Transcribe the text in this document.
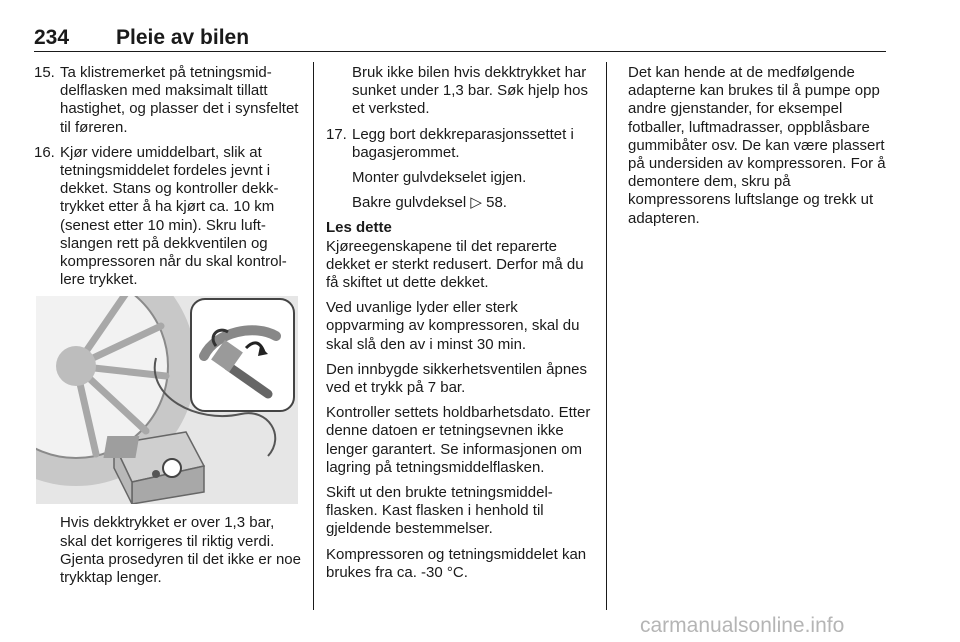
234 Pleie av bilen
15. Ta klistremerket på tetningsmiddelflasken med maksimalt tillatt hastighet, og plasser det i synsfeltet til føreren.
16. Kjør videre umiddelbart, slik at tetningsmiddelet fordeles jevnt i dekket. Stans og kontroller dekktrykket etter å ha kjørt ca. 10 km (senest etter 10 min). Skru luftslangen rett på dekkventilen og kompressoren når du skal kontrollere trykket.
Hvis dekktrykket er over 1,3 bar, skal det korrigeres til riktig verdi. Gjenta prosedyren til det ikke er noe trykktap lenger.
Bruk ikke bilen hvis dekktrykket har sunket under 1,3 bar. Søk hjelp hos et verksted.
17. Legg bort dekkreparasjonssettet i bagasjerommet.
Monter gulvdekselet igjen.
Bakre gulvdeksel ▷ 58.
Les dette
Kjøreegenskapene til det reparerte dekket er sterkt redusert. Derfor må du få skiftet ut dette dekket.
Ved uvanlige lyder eller sterk oppvarming av kompressoren, skal du skal slå den av i minst 30 min.
Den innbygde sikkerhetsventilen åpnes ved et trykk på 7 bar.
Kontroller settets holdbarhetsdato. Etter denne datoen er tetningsevnen ikke lenger garantert. Se informasjonen om lagring på tetningsmiddelflasken.
Skift ut den brukte tetningsmiddelflasken. Kast flasken i henhold til gjeldende bestemmelser.
Kompressoren og tetningsmiddelet kan brukes fra ca. -30 °C.
Det kan hende at de medfølgende adapterne kan brukes til å pumpe opp andre gjenstander, for eksempel fotballer, luftmadrasser, oppblåsbare gummibåter osv. De kan være plassert på undersiden av kompressoren. For å demontere dem, skru på kompressorens luftslange og trekk ut adapteren.
carmanualsonline.info
